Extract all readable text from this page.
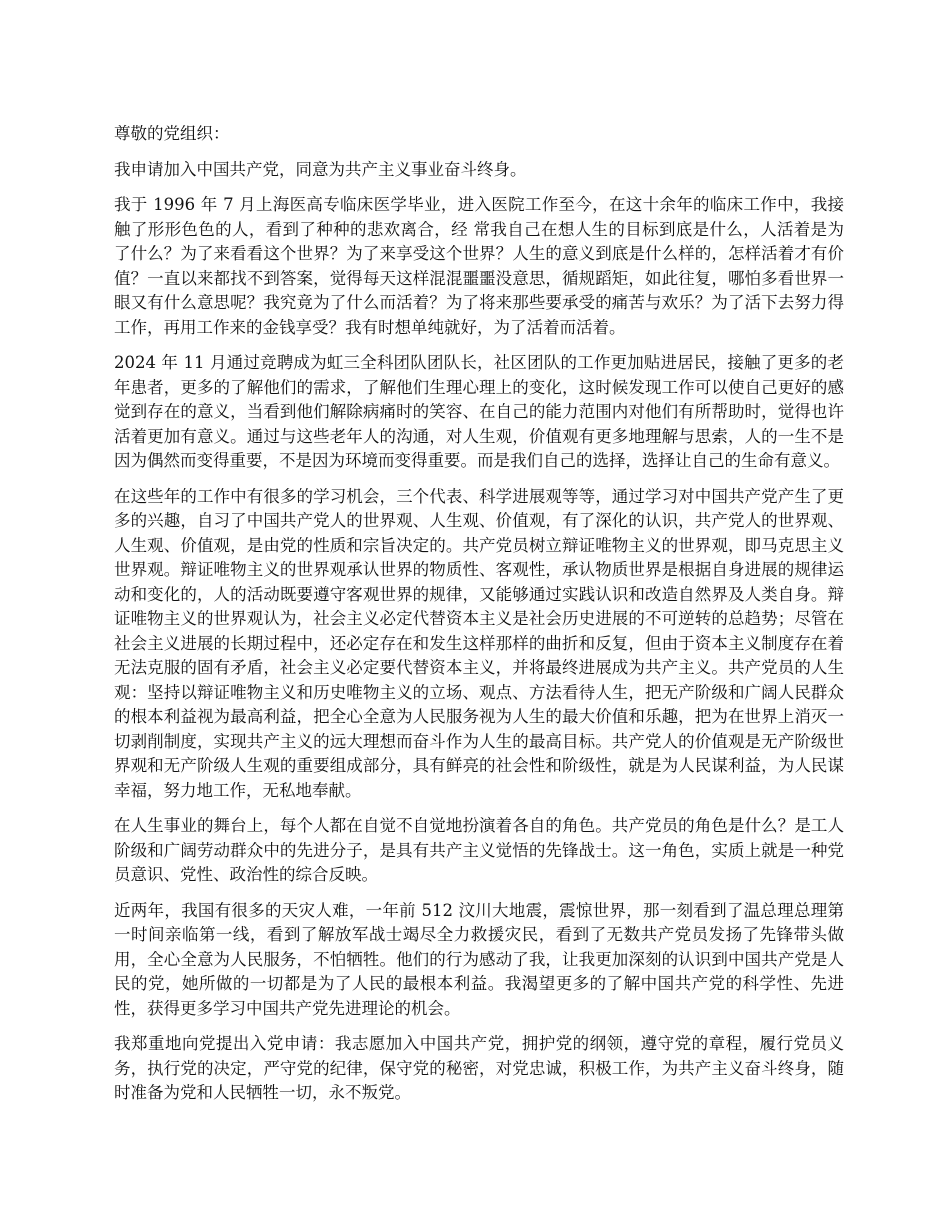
尊敬的党组织：

我申请加入中国共产党，同意为共产主义事业奋斗终身。

我于 1996 年 7 月上海医高专临床医学毕业，进入医院工作至今，在这十余年的临床工作中，我接触了形形色色的人，看到了种种的悲欢离合，经 常我自己在想人生的目标到底是什么，人活着是为了什么？为了来看看这个世界？为了来享受这个世界？人生的意义到底是什么样的，怎样活着才有价值？一直以来都找不到答案，觉得每天这样混混噩噩没意思，循规蹈矩，如此往复，哪怕多看世界一眼又有什么意思呢？我究竟为了什么而活着？为了将来那些要承受的痛苦与欢乐？为了活下去努力得工作，再用工作来的金钱享受？我有时想单纯就好，为了活着而活着。

2024 年 11 月通过竞聘成为虹三全科团队团队长，社区团队的工作更加贴进居民，接触了更多的老年患者，更多的了解他们的需求，了解他们生理心理上的变化，这时候发现工作可以使自己更好的感觉到存在的意义，当看到他们解除病痛时的笑容、在自己的能力范围内对他们有所帮助时，觉得也许活着更加有意义。通过与这些老年人的沟通，对人生观，价值观有更多地理解与思索，人的一生不是因为偶然而变得重要，不是因为环境而变得重要。而是我们自己的选择，选择让自己的生命有意义。

在这些年的工作中有很多的学习机会，三个代表、科学进展观等等，通过学习对中国共产党产生了更多的兴趣，自习了中国共产党人的世界观、人生观、价值观，有了深化的认识，共产党人的世界观、人生观、价值观，是由党的性质和宗旨决定的。共产党员树立辩证唯物主义的世界观，即马克思主义世界观。辩证唯物主义的世界观承认世界的物质性、客观性，承认物质世界是根据自身进展的规律运动和变化的，人的活动既要遵守客观世界的规律，又能够通过实践认识和改造自然界及人类自身。辩证唯物主义的世界观认为，社会主义必定代替资本主义是社会历史进展的不可逆转的总趋势；尽管在社会主义进展的长期过程中，还必定存在和发生这样那样的曲折和反复，但由于资本主义制度存在着无法克服的固有矛盾，社会主义必定要代替资本主义，并将最终进展成为共产主义。共产党员的人生观：坚持以辩证唯物主义和历史唯物主义的立场、观点、方法看待人生，把无产阶级和广阔人民群众的根本利益视为最高利益，把全心全意为人民服务视为人生的最大价值和乐趣，把为在世界上消灭一切剥削制度，实现共产主义的远大理想而奋斗作为人生的最高目标。共产党人的价值观是无产阶级世界观和无产阶级人生观的重要组成部分，具有鲜亮的社会性和阶级性，就是为人民谋利益，为人民谋幸福，努力地工作，无私地奉献。

在人生事业的舞台上，每个人都在自觉不自觉地扮演着各自的角色。共产党员的角色是什么？是工人阶级和广阔劳动群众中的先进分子，是具有共产主义觉悟的先锋战士。这一角色，实质上就是一种党员意识、党性、政治性的综合反映。

近两年，我国有很多的天灾人难，一年前 512 汶川大地震，震惊世界，那一刻看到了温总理总理第一时间亲临第一线，看到了解放军战士竭尽全力救援灾民，看到了无数共产党员发扬了先锋带头做用，全心全意为人民服务，不怕牺牲。他们的行为感动了我，让我更加深刻的认识到中国共产党是人民的党，她所做的一切都是为了人民的最根本利益。我渴望更多的了解中国共产党的科学性、先进性，获得更多学习中国共产党先进理论的机会。

我郑重地向党提出入党申请：我志愿加入中国共产党，拥护党的纲领，遵守党的章程，履行党员义务，执行党的决定，严守党的纪律，保守党的秘密，对党忠诚，积极工作，为共产主义奋斗终身，随时准备为党和人民牺牲一切，永不叛党。
